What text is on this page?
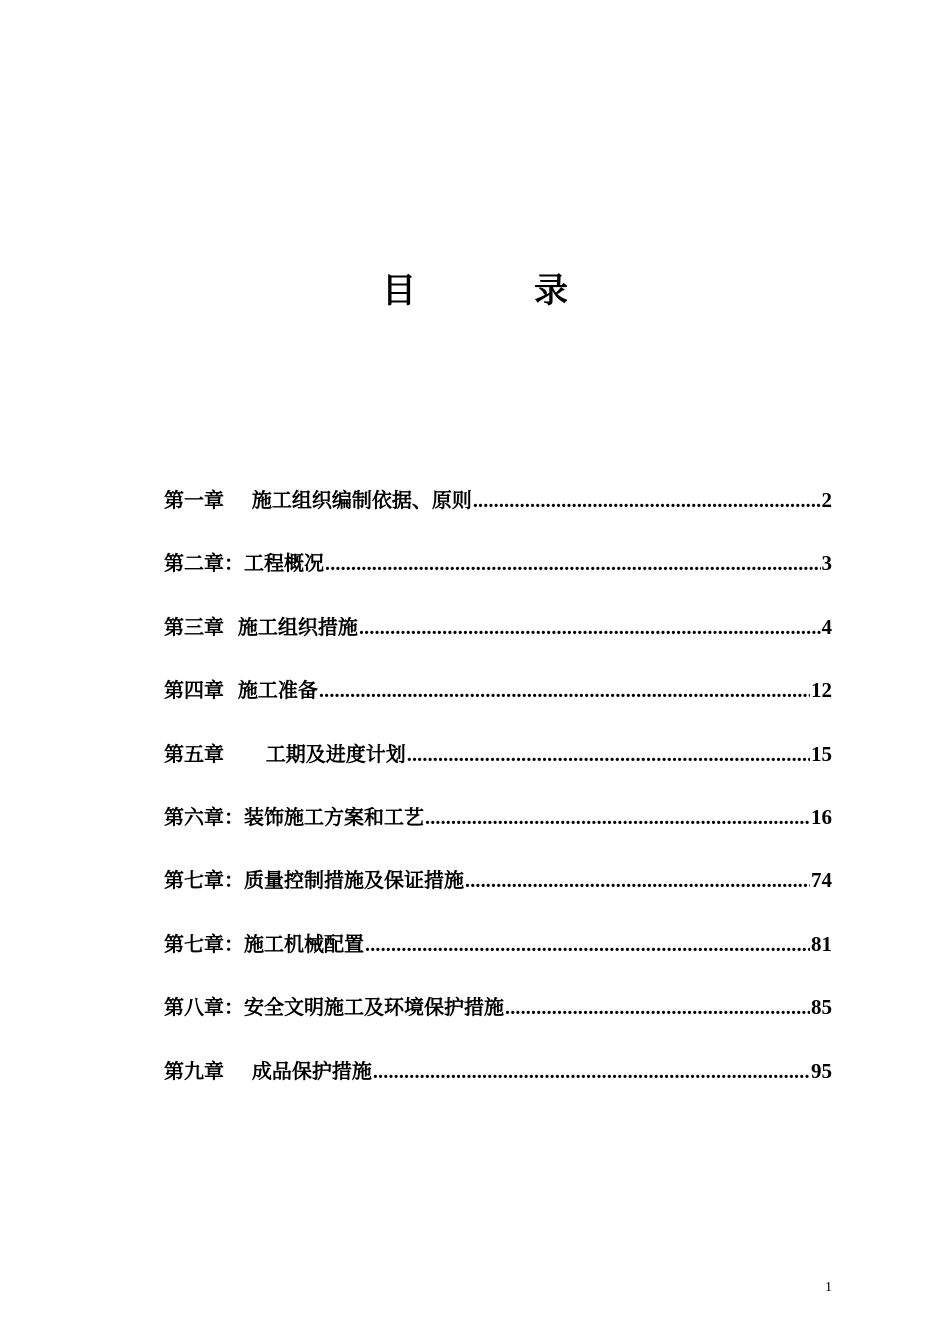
目	录
第一章    施工组织编制依据、原则 .....	2
第二章：工程概况 .....	3
第三章  施工组织措施 .....	4
第四章  施工准备 .....	12
第五章      工期及进度计划 .....	15
第六章：装饰施工方案和工艺 .....	16
第七章：质量控制措施及保证措施 .....	74
第七章：施工机械配置 .....	81
第八章：安全文明施工及环境保护措施 .....	85
第九章    成品保护措施 .....	95
1
